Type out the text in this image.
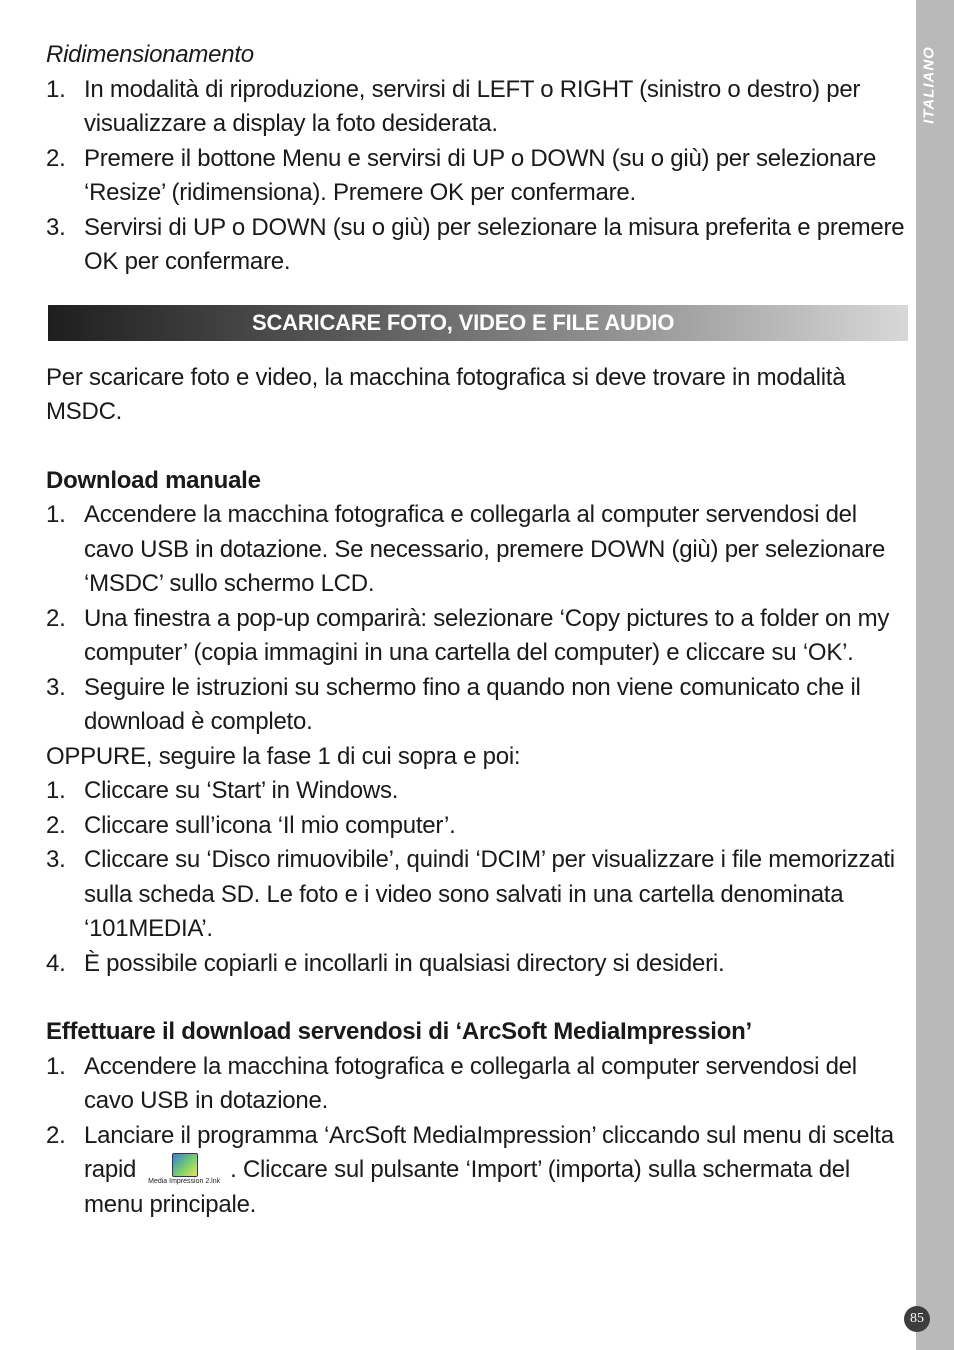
ITALIANO
85
Ridimensionamento
1. In modalità di riproduzione, servirsi di LEFT o RIGHT (sinistro o destro) per visualizzare a display la foto desiderata.
2. Premere il bottone Menu e servirsi di UP o DOWN (su o giù) per selezionare ‘Resize’ (ridimensiona). Premere OK per confermare.
3. Servirsi di UP o DOWN (su o giù) per selezionare la misura preferita e premere OK per confermare.
SCARICARE FOTO, VIDEO E FILE AUDIO
Per scaricare foto e video, la macchina fotografica si deve trovare in modalità MSDC.
Download manuale
1. Accendere la macchina fotografica e collegarla al computer servendosi del cavo USB in dotazione. Se necessario, premere DOWN (giù) per selezionare ‘MSDC’ sullo schermo LCD.
2. Una finestra a pop-up comparirà: selezionare ‘Copy pictures to a folder on my computer’ (copia immagini in una cartella del computer) e cliccare su ‘OK’.
3. Seguire le istruzioni su schermo fino a quando non viene comunicato che il download è completo.
OPPURE, seguire la fase 1 di cui sopra e poi:
1. Cliccare su ‘Start’ in Windows.
2. Cliccare sull’icona ‘Il mio computer’.
3. Cliccare su ‘Disco rimuovibile’, quindi ‘DCIM’ per visualizzare i file memorizzati sulla scheda SD. Le foto e i video sono salvati in una cartella denominata ‘101MEDIA’.
4. È possibile copiarli e incollarli in qualsiasi directory si desideri.
Effettuare il download servendosi di ‘ArcSoft MediaImpression’
1. Accendere la macchina fotografica e collegarla al computer servendosi del cavo USB in dotazione.
2. Lanciare il programma ‘ArcSoft MediaImpression’ cliccando sul menu di scelta rapid	Media Impression 2.lnk . Cliccare sul pulsante ‘Import’ (importa) sulla schermata del menu principale.
